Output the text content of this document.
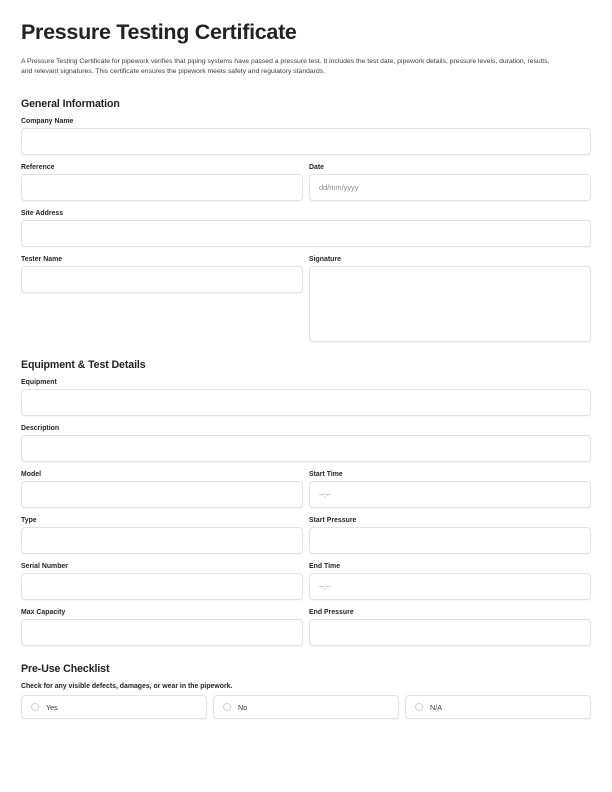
Pressure Testing Certificate

A Pressure Testing Certificate for pipework verifies that piping systems have passed a pressure test. It includes the test date, pipework details, pressure levels, duration, results, and relevant signatures. This certificate ensures the pipework meets safety and regulatory standards.

General Information
Company Name
Reference	Date
dd/mm/yyyy
Site Address
Tester Name	Signature
Equipment & Test Details
Equipment
Description
Model	Start Time
--:--
Type	Start Pressure
Serial Number	End Time
--:--
Max Capacity	End Pressure
Pre-Use Checklist
Check for any visible defects, damages, or wear in the pipework.
Yes	No	N/A
